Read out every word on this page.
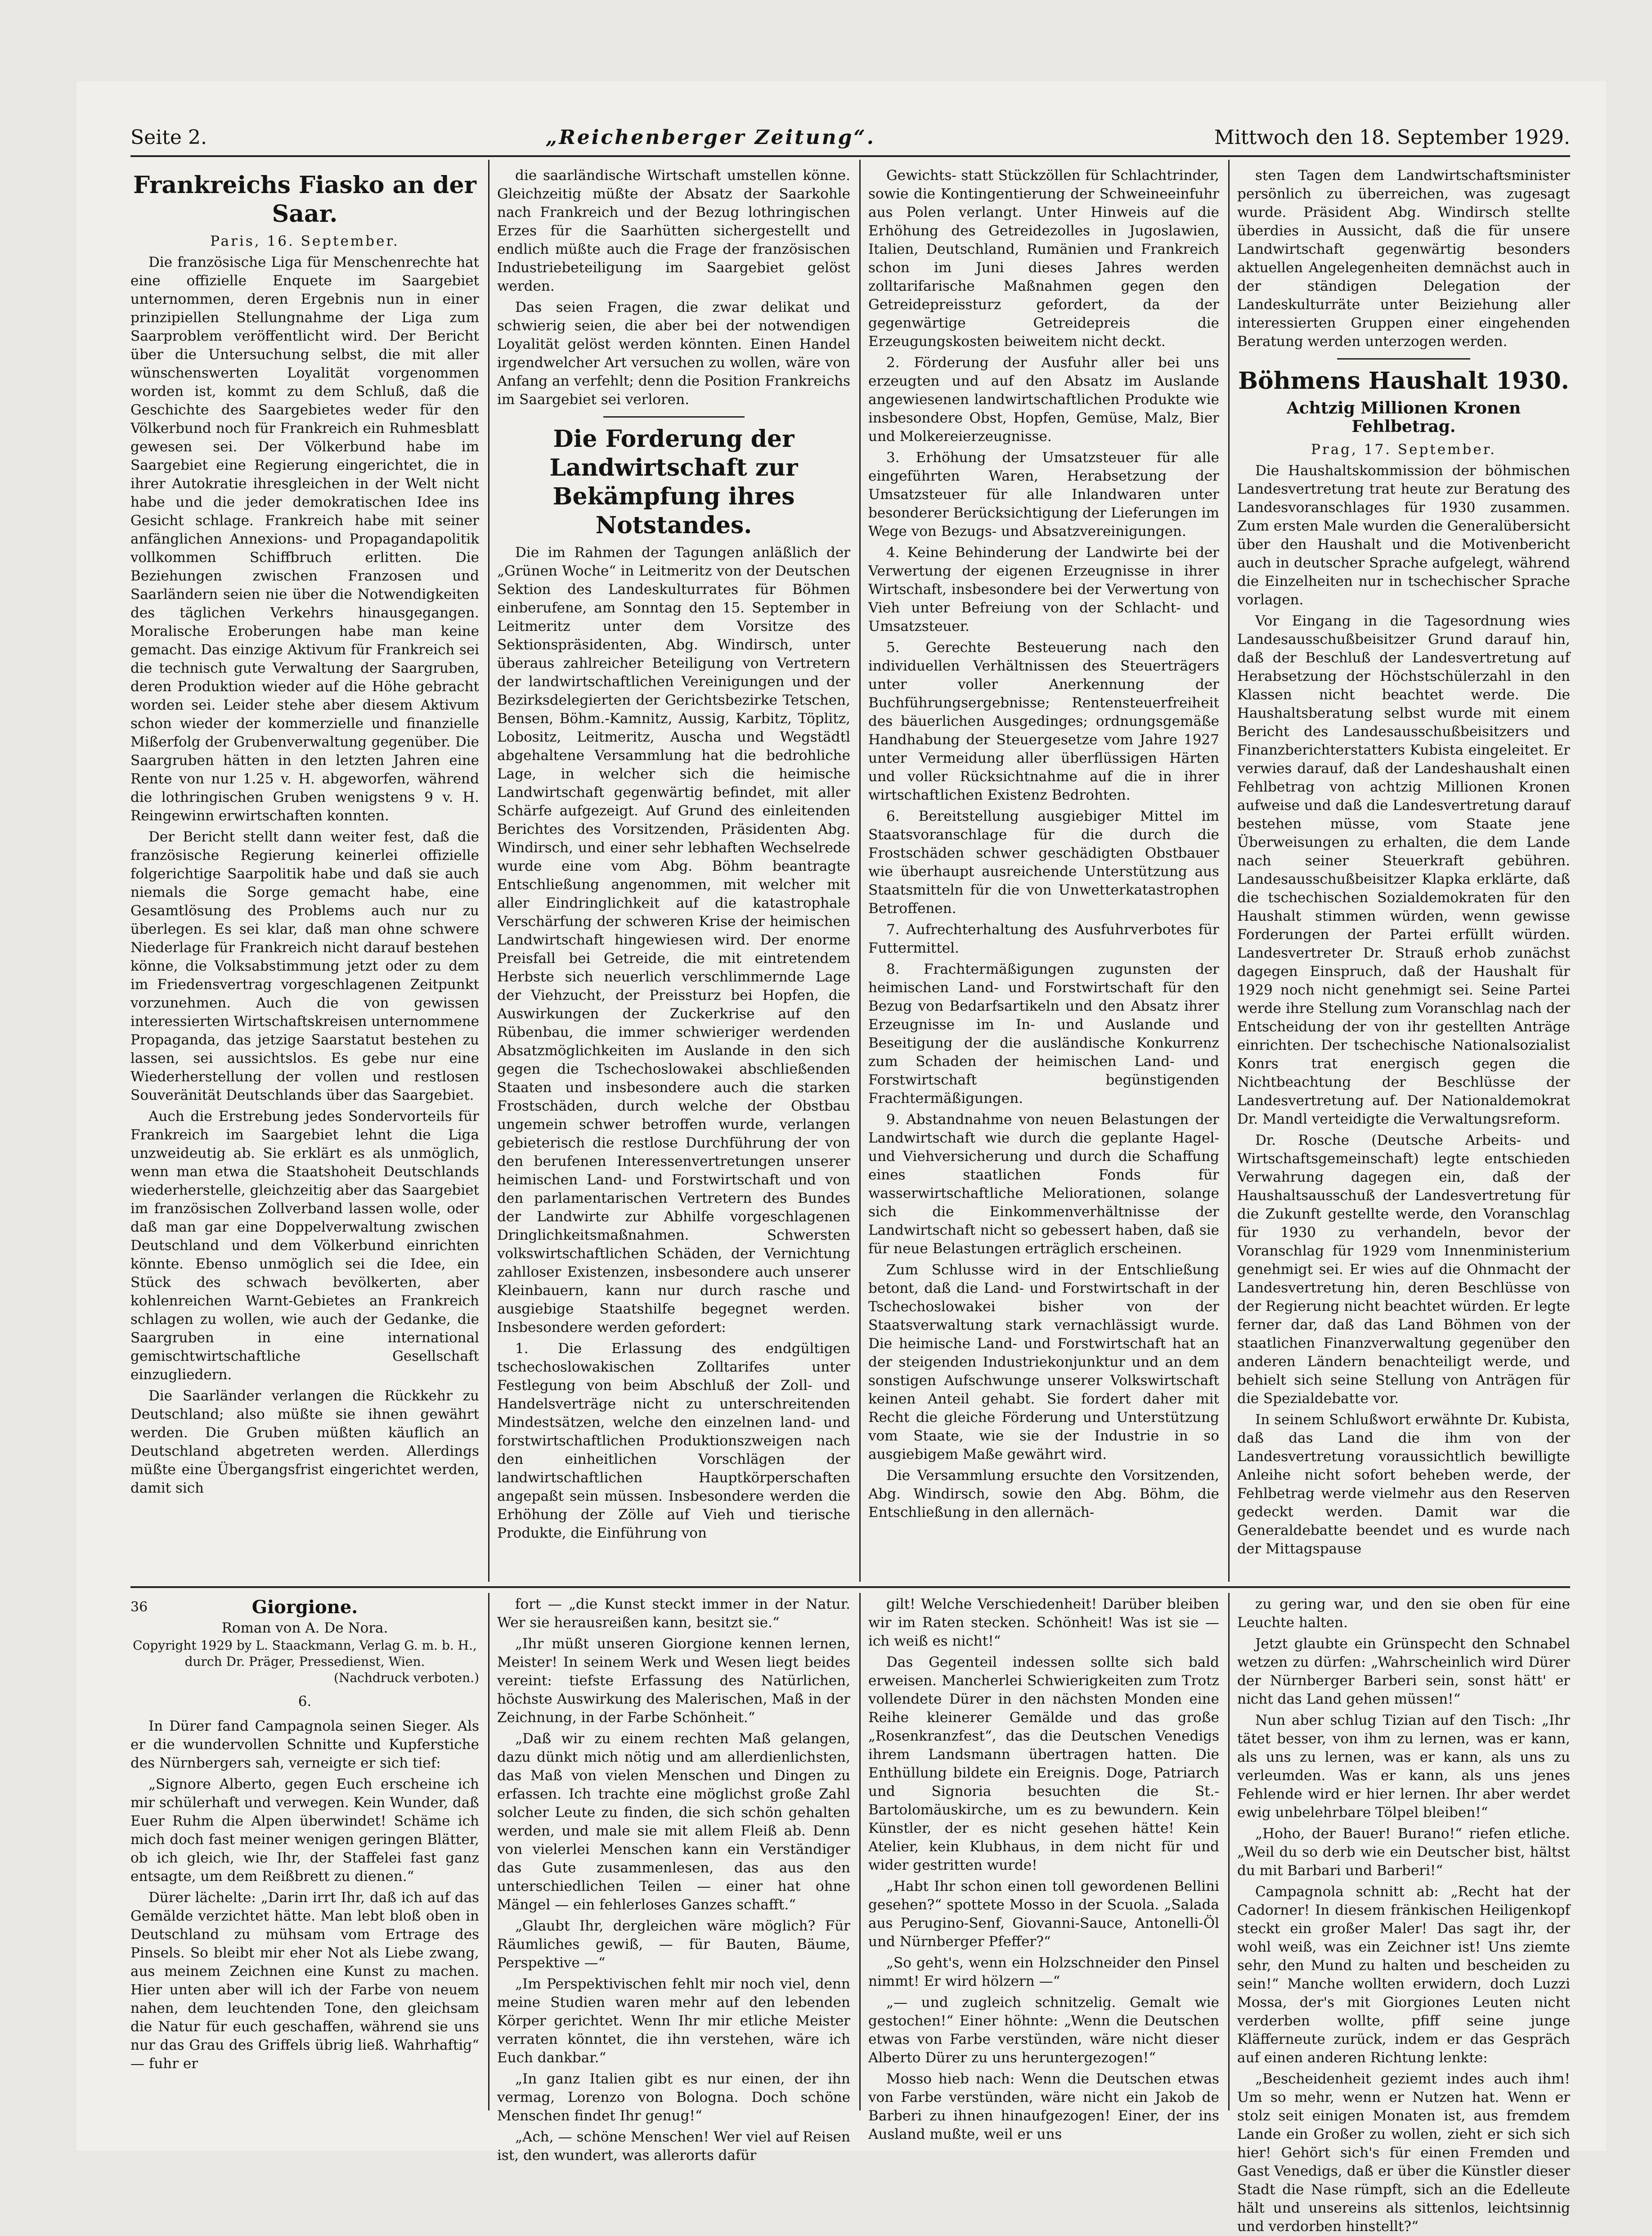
Seite 2.	„Reichenberger Zeitung“.	Mittwoch den 18. September 1929.
Frankreichs Fiasko an der Saar.
Paris, 16. September.

Die französische Liga für Menschenrechte hat eine offizielle Enquete im Saargebiet unternommen, deren Ergebnis nun in einer prinzipiellen Stellungnahme der Liga zum Saarproblem veröffentlicht wird. Der Bericht über die Untersuchung selbst, die mit aller wünschenswerten Loyalität vorgenommen worden ist, kommt zu dem Schluß, daß die Geschichte des Saargebietes weder für den Völkerbund noch für Frankreich ein Ruhmesblatt gewesen sei. Der Völkerbund habe im Saargebiet eine Regierung eingerichtet, die in ihrer Autokratie ihresgleichen in der Welt nicht habe und die jeder demokratischen Idee ins Gesicht schlage. Frankreich habe mit seiner anfänglichen Annexions- und Propagandapolitik vollkommen Schiffbruch erlitten. Die Beziehungen zwischen Franzosen und Saarländern seien nie über die Notwendigkeiten des täglichen Verkehrs hinausgegangen. Moralische Eroberungen habe man keine gemacht. Das einzige Aktivum für Frankreich sei die technisch gute Verwaltung der Saargruben, deren Produktion wieder auf die Höhe gebracht worden sei. Leider stehe aber diesem Aktivum schon wieder der kommerzielle und finanzielle Mißerfolg der Grubenverwaltung gegenüber. Die Saargruben hätten in den letzten Jahren eine Rente von nur 1.25 v. H. abgeworfen, während die lothringischen Gruben wenigstens 9 v. H. Reingewinn erwirtschaften konnten.

Der Bericht stellt dann weiter fest, daß die französische Regierung keinerlei offizielle folgerichtige Saarpolitik habe und daß sie auch niemals die Sorge gemacht habe, eine Gesamtlösung des Problems auch nur zu überlegen. Es sei klar, daß man ohne schwere Niederlage für Frankreich nicht darauf bestehen könne, die Volksabstimmung jetzt oder zu dem im Friedensvertrag vorgeschlagenen Zeitpunkt vorzunehmen. Auch die von gewissen interessierten Wirtschaftskreisen unternommene Propaganda, das jetzige Saarstatut bestehen zu lassen, sei aussichtslos. Es gebe nur eine Wiederherstellung der vollen und restlosen Souveränität Deutschlands über das Saargebiet.

Auch die Erstrebung jedes Sondervorteils für Frankreich im Saargebiet lehnt die Liga unzweideutig ab. Sie erklärt es als unmöglich, wenn man etwa die Staatshoheit Deutschlands wiederherstelle, gleichzeitig aber das Saargebiet im französischen Zollverband lassen wolle, oder daß man gar eine Doppelverwaltung zwischen Deutschland und dem Völkerbund einrichten könnte. Ebenso unmöglich sei die Idee, ein Stück des schwach bevölkerten, aber kohlenreichen Warnt-Gebietes an Frankreich schlagen zu wollen, wie auch der Gedanke, die Saargruben in eine international gemischtwirtschaftliche Gesellschaft einzugliedern.

Die Saarländer verlangen die Rückkehr zu Deutschland; also müßte sie ihnen gewährt werden. Die Gruben müßten käuflich an Deutschland abgetreten werden. Allerdings müßte eine Übergangsfrist eingerichtet werden, damit sich

die saarländische Wirtschaft umstellen könne. Gleichzeitig müßte der Absatz der Saarkohle nach Frankreich und der Bezug lothringischen Erzes für die Saarhütten sichergestellt und endlich müßte auch die Frage der französischen Industriebeteiligung im Saargebiet gelöst werden.

Das seien Fragen, die zwar delikat und schwierig seien, die aber bei der notwendigen Loyalität gelöst werden könnten. Einen Handel irgendwelcher Art versuchen zu wollen, wäre von Anfang an verfehlt; denn die Position Frankreichs im Saargebiet sei verloren.

Die Forderung der Landwirtschaft zur Bekämpfung ihres Notstandes.

Die im Rahmen der Tagungen anläßlich der „Grünen Woche“ in Leitmeritz von der Deutschen Sektion des Landeskulturrates für Böhmen einberufene, am Sonntag den 15. September in Leitmeritz unter dem Vorsitze des Sektionspräsidenten, Abg. Windirsch, unter überaus zahlreicher Beteiligung von Vertretern der landwirtschaftlichen Vereinigungen und der Bezirksdelegierten der Gerichtsbezirke Tetschen, Bensen, Böhm.-Kamnitz, Aussig, Karbitz, Töplitz, Lobositz, Leitmeritz, Auscha und Wegstädtl abgehaltene Versammlung hat die bedrohliche Lage, in welcher sich die heimische Landwirtschaft gegenwärtig befindet, mit aller Schärfe aufgezeigt. Auf Grund des einleitenden Berichtes des Vorsitzenden, Präsidenten Abg. Windirsch, und einer sehr lebhaften Wechselrede wurde eine vom Abg. Böhm beantragte Entschließung angenommen, mit welcher mit aller Eindringlichkeit auf die katastrophale Verschärfung der schweren Krise der heimischen Landwirtschaft hingewiesen wird. Der enorme Preisfall bei Getreide, die mit eintretendem Herbste sich neuerlich verschlimmernde Lage der Viehzucht, der Preissturz bei Hopfen, die Auswirkungen der Zuckerkrise auf den Rübenbau, die immer schwieriger werdenden Absatzmöglichkeiten im Auslande in den sich gegen die Tschechoslowakei abschließenden Staaten und insbesondere auch die starken Frostschäden, durch welche der Obstbau ungemein schwer betroffen wurde, verlangen gebieterisch die restlose Durchführung der von den berufenen Interessenvertretungen unserer heimischen Land- und Forstwirtschaft und von den parlamentarischen Vertretern des Bundes der Landwirte zur Abhilfe vorgeschlagenen Dringlichkeitsmaßnahmen. Schwersten volkswirtschaftlichen Schäden, der Vernichtung zahlloser Existenzen, insbesondere auch unserer Kleinbauern, kann nur durch rasche und ausgiebige Staatshilfe begegnet werden. Insbesondere werden gefordert:

1. Die Erlassung des endgültigen tschechoslowakischen Zolltarifes unter Festlegung von beim Abschluß der Zoll- und Handelsverträge nicht zu unterschreitenden Mindestsätzen, welche den einzelnen land- und forstwirtschaftlichen Produktionszweigen nach den einheitlichen Vorschlägen der landwirtschaftlichen Hauptkörperschaften angepaßt sein müssen. Insbesondere werden die Erhöhung der Zölle auf Vieh und tierische Produkte, die Einführung von

Gewichts- statt Stückzöllen für Schlachtrinder, sowie die Kontingentierung der Schweineeinfuhr aus Polen verlangt. Unter Hinweis auf die Erhöhung des Getreidezolles in Jugoslawien, Italien, Deutschland, Rumänien und Frankreich schon im Juni dieses Jahres werden zolltarifarische Maßnahmen gegen den Getreidepreissturz gefordert, da der gegenwärtige Getreidepreis die Erzeugungskosten beiweitem nicht deckt.

2. Förderung der Ausfuhr aller bei uns erzeugten und auf den Absatz im Auslande angewiesenen landwirtschaftlichen Produkte wie insbesondere Obst, Hopfen, Gemüse, Malz, Bier und Molkereierzeugnisse.

3. Erhöhung der Umsatzsteuer für alle eingeführten Waren, Herabsetzung der Umsatzsteuer für alle Inlandwaren unter besonderer Berücksichtigung der Lieferungen im Wege von Bezugs- und Absatzvereinigungen.

4. Keine Behinderung der Landwirte bei der Verwertung der eigenen Erzeugnisse in ihrer Wirtschaft, insbesondere bei der Verwertung von Vieh unter Befreiung von der Schlacht- und Umsatzsteuer.

5. Gerechte Besteuerung nach den individuellen Verhältnissen des Steuerträgers unter voller Anerkennung der Buchführungsergebnisse; Rentensteuerfreiheit des bäuerlichen Ausgedinges; ordnungsgemäße Handhabung der Steuergesetze vom Jahre 1927 unter Vermeidung aller überflüssigen Härten und voller Rücksichtnahme auf die in ihrer wirtschaftlichen Existenz Bedrohten.

6. Bereitstellung ausgiebiger Mittel im Staatsvoranschlage für die durch die Frostschäden schwer geschädigten Obstbauer wie überhaupt ausreichende Unterstützung aus Staatsmitteln für die von Unwetterkatastrophen Betroffenen.

7. Aufrechterhaltung des Ausfuhrverbotes für Futtermittel.

8. Frachtermäßigungen zugunsten der heimischen Land- und Forstwirtschaft für den Bezug von Bedarfsartikeln und den Absatz ihrer Erzeugnisse im In- und Auslande und Beseitigung der die ausländische Konkurrenz zum Schaden der heimischen Land- und Forstwirtschaft begünstigenden Frachtermäßigungen.

9. Abstandnahme von neuen Belastungen der Landwirtschaft wie durch die geplante Hagel- und Viehversicherung und durch die Schaffung eines staatlichen Fonds für wasserwirtschaftliche Meliorationen, solange sich die Einkommenverhältnisse der Landwirtschaft nicht so gebessert haben, daß sie für neue Belastungen erträglich erscheinen.

Zum Schlusse wird in der Entschließung betont, daß die Land- und Forstwirtschaft in der Tschechoslowakei bisher von der Staatsverwaltung stark vernachlässigt wurde. Die heimische Land- und Forstwirtschaft hat an der steigenden Industriekonjunktur und an dem sonstigen Aufschwunge unserer Volkswirtschaft keinen Anteil gehabt. Sie fordert daher mit Recht die gleiche Förderung und Unterstützung vom Staate, wie sie der Industrie in so ausgiebigem Maße gewährt wird.

Die Versammlung ersuchte den Vorsitzenden, Abg. Windirsch, sowie den Abg. Böhm, die Entschließung in den allernäch-

sten Tagen dem Landwirtschaftsminister persönlich zu überreichen, was zugesagt wurde. Präsident Abg. Windirsch stellte überdies in Aussicht, daß die für unsere Landwirtschaft gegenwärtig besonders aktuellen Angelegenheiten demnächst auch in der ständigen Delegation der Landeskulturräte unter Beiziehung aller interessierten Gruppen einer eingehenden Beratung werden unterzogen werden.

Böhmens Haushalt 1930.
Achtzig Millionen Kronen Fehlbetrag.
Prag, 17. September.

Die Haushaltskommission der böhmischen Landesvertretung trat heute zur Beratung des Landesvoranschlages für 1930 zusammen. Zum ersten Male wurden die Generalübersicht über den Haushalt und die Motivenbericht auch in deutscher Sprache aufgelegt, während die Einzelheiten nur in tschechischer Sprache vorlagen.

Vor Eingang in die Tagesordnung wies Landesausschußbeisitzer Grund darauf hin, daß der Beschluß der Landesvertretung auf Herabsetzung der Höchstschülerzahl in den Klassen nicht beachtet werde. Die Haushaltsberatung selbst wurde mit einem Bericht des Landesausschußbeisitzers und Finanzberichterstatters Kubista eingeleitet. Er verwies darauf, daß der Landeshaushalt einen Fehlbetrag von achtzig Millionen Kronen aufweise und daß die Landesvertretung darauf bestehen müsse, vom Staate jene Überweisungen zu erhalten, die dem Lande nach seiner Steuerkraft gebühren. Landesausschußbeisitzer Klapka erklärte, daß die tschechischen Sozialdemokraten für den Haushalt stimmen würden, wenn gewisse Forderungen der Partei erfüllt würden. Landesvertreter Dr. Strauß erhob zunächst dagegen Einspruch, daß der Haushalt für 1929 noch nicht genehmigt sei. Seine Partei werde ihre Stellung zum Voranschlag nach der Entscheidung der von ihr gestellten Anträge einrichten. Der tschechische Nationalsozialist Konrs trat energisch gegen die Nichtbeachtung der Beschlüsse der Landesvertretung auf. Der Nationaldemokrat Dr. Mandl verteidigte die Verwaltungsreform.

Dr. Rosche (Deutsche Arbeits- und Wirtschaftsgemeinschaft) legte entschieden Verwahrung dagegen ein, daß der Haushaltsausschuß der Landesvertretung für die Zukunft gestellte werde, den Voranschlag für 1930 zu verhandeln, bevor der Voranschlag für 1929 vom Innenministerium genehmigt sei. Er wies auf die Ohnmacht der Landesvertretung hin, deren Beschlüsse von der Regierung nicht beachtet würden. Er legte ferner dar, daß das Land Böhmen von der staatlichen Finanzverwaltung gegenüber den anderen Ländern benachteiligt werde, und behielt sich seine Stellung von Anträgen für die Spezialdebatte vor.

In seinem Schlußwort erwähnte Dr. Kubista, daß das Land die ihm von der Landesvertretung voraussichtlich bewilligte Anleihe nicht sofort beheben werde, der Fehlbetrag werde vielmehr aus den Reserven gedeckt werden. Damit war die Generaldebatte beendet und es wurde nach der Mittagspause

36	Giorgione.
Roman von A. De Nora.
Copyright 1929 by L. Staackmann, Verlag G. m. b. H., durch Dr. Präger, Pressedienst, Wien.
(Nachdruck verboten.)
6.

In Dürer fand Campagnola seinen Sieger. Als er die wundervollen Schnitte und Kupferstiche des Nürnbergers sah, verneigte er sich tief:

„Signore Alberto, gegen Euch erscheine ich mir schülerhaft und verwegen. Kein Wunder, daß Euer Ruhm die Alpen überwindet! Schäme ich mich doch fast meiner wenigen geringen Blätter, ob ich gleich, wie Ihr, der Staffelei fast ganz entsagte, um dem Reißbrett zu dienen.“

Dürer lächelte: „Darin irrt Ihr, daß ich auf das Gemälde verzichtet hätte. Man lebt bloß oben in Deutschland zu mühsam vom Ertrage des Pinsels. So bleibt mir eher Not als Liebe zwang, aus meinem Zeichnen eine Kunst zu machen. Hier unten aber will ich der Farbe von neuem nahen, dem leuchtenden Tone, den gleichsam die Natur für euch geschaffen, während sie uns nur das Grau des Griffels übrig ließ. Wahrhaftig“ — fuhr er

fort — „die Kunst steckt immer in der Natur. Wer sie herausreißen kann, besitzt sie.“

„Ihr müßt unseren Giorgione kennen lernen, Meister! In seinem Werk und Wesen liegt beides vereint: tiefste Erfassung des Natürlichen, höchste Auswirkung des Malerischen, Maß in der Zeichnung, in der Farbe Schönheit.“

„Daß wir zu einem rechten Maß gelangen, dazu dünkt mich nötig und am allerdienlichsten, das Maß von vielen Menschen und Dingen zu erfassen. Ich trachte eine möglichst große Zahl solcher Leute zu finden, die sich schön gehalten werden, und male sie mit allem Fleiß ab. Denn von vielerlei Menschen kann ein Verständiger das Gute zusammenlesen, das aus den unterschiedlichen Teilen — einer hat ohne Mängel — ein fehlerloses Ganzes schafft.“

„Glaubt Ihr, dergleichen wäre möglich? Für Räumliches gewiß, — für Bauten, Bäume, Perspektive —“

„Im Perspektivischen fehlt mir noch viel, denn meine Studien waren mehr auf den lebenden Körper gerichtet. Wenn Ihr mir etliche Meister verraten könntet, die ihn verstehen, wäre ich Euch dankbar.“

„In ganz Italien gibt es nur einen, der ihn vermag, Lorenzo von Bologna. Doch schöne Menschen findet Ihr genug!“

„Ach, — schöne Menschen! Wer viel auf Reisen ist, den wundert, was allerorts dafür

gilt! Welche Verschiedenheit! Darüber bleiben wir im Raten stecken. Schönheit! Was ist sie — ich weiß es nicht!“

Das Gegenteil indessen sollte sich bald erweisen. Mancherlei Schwierigkeiten zum Trotz vollendete Dürer in den nächsten Monden eine Reihe kleinerer Gemälde und das große „Rosenkranzfest“, das die Deutschen Venedigs ihrem Landsmann übertragen hatten. Die Enthüllung bildete ein Ereignis. Doge, Patriarch und Signoria besuchten die St.-Bartolomäuskirche, um es zu bewundern. Kein Künstler, der es nicht gesehen hätte! Kein Atelier, kein Klubhaus, in dem nicht für und wider gestritten wurde!

„Habt Ihr schon einen toll gewordenen Bellini gesehen?“ spottete Mosso in der Scuola. „Salada aus Perugino-Senf, Giovanni-Sauce, Antonelli-Öl und Nürnberger Pfeffer?“

„So geht's, wenn ein Holzschneider den Pinsel nimmt! Er wird hölzern —“

„— und zugleich schnitzelig. Gemalt wie gestochen!“ Einer höhnte: „Wenn die Deutschen etwas von Farbe verstünden, wäre nicht dieser Alberto Dürer zu uns heruntergezogen!“

Mosso hieb nach: Wenn die Deutschen etwas von Farbe verstünden, wäre nicht ein Jakob de Barberi zu ihnen hinaufgezogen! Einer, der ins Ausland mußte, weil er uns

zu gering war, und den sie oben für eine Leuchte halten.

Jetzt glaubte ein Grünspecht den Schnabel wetzen zu dürfen: „Wahrscheinlich wird Dürer der Nürnberger Barberi sein, sonst hätt' er nicht das Land gehen müssen!“

Nun aber schlug Tizian auf den Tisch: „Ihr tätet besser, von ihm zu lernen, was er kann, als uns zu lernen, was er kann, als uns zu verleumden. Was er kann, als uns jenes Fehlende wird er hier lernen. Ihr aber werdet ewig unbelehrbare Tölpel bleiben!“

„Hoho, der Bauer! Burano!“ riefen etliche. „Weil du so derb wie ein Deutscher bist, hältst du mit Barbari und Barberi!“

Campagnola schnitt ab: „Recht hat der Cadorner! In diesem fränkischen Heiligenkopf steckt ein großer Maler! Das sagt ihr, der wohl weiß, was ein Zeichner ist! Uns ziemte sehr, den Mund zu halten und bescheiden zu sein!“ Manche wollten erwidern, doch Luzzi Mossa, der's mit Giorgiones Leuten nicht verderben wollte, pfiff seine junge Kläfferneute zurück, indem er das Gespräch auf einen anderen Richtung lenkte:

„Bescheidenheit geziemt indes auch ihm! Um so mehr, wenn er Nutzen hat. Wenn er stolz seit einigen Monaten ist, aus fremdem Lande ein Großer zu wollen, zieht er sich sich hier! Gehört sich's für einen Fremden und Gast Venedigs, daß er über die Künstler dieser Stadt die Nase rümpft, sich an die Edelleute hält und unsereins als sittenlos, leichtsinnig und verdorben hinstellt?“
